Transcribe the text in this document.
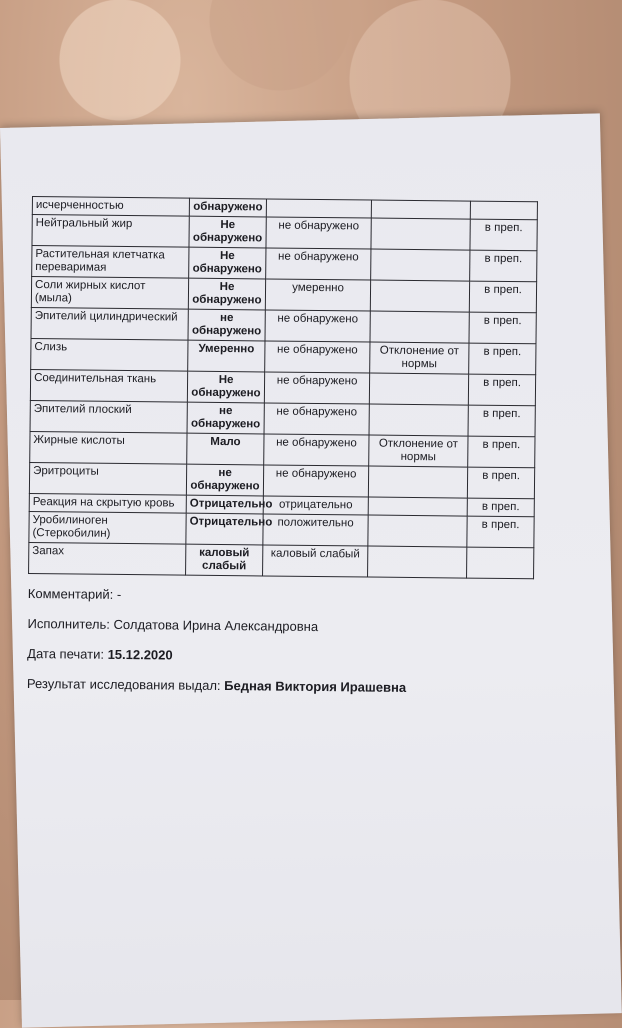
исчерченностью	обнаружено			
Нейтральный жир	Не обнаружено	не обнаружено		в преп.
Растительная клетчатка переваримая	Не обнаружено	не обнаружено		в преп.
Соли жирных кислот (мыла)	Не обнаружено	умеренно		в преп.
Эпителий цилиндрический	не обнаружено	не обнаружено		в преп.
Слизь	Умеренно	не обнаружено	Отклонение от нормы	в преп.
Соединительная ткань	Не обнаружено	не обнаружено		в преп.
Эпителий плоский	не обнаружено	не обнаружено		в преп.
Жирные кислоты	Мало	не обнаружено	Отклонение от нормы	в преп.
Эритроциты	не обнаружено	не обнаружено		в преп.
Реакция на скрытую кровь	Отрицательно	отрицательно		в преп.
Уробилиноген (Стеркобилин)	Отрицательно	положительно		в преп.
Запах	каловый слабый	каловый слабый		
Комментарий: -
Исполнитель: Солдатова Ирина Александровна
Дата печати: 15.12.2020
Результат исследования выдал: Бедная Виктория Ирашевна
